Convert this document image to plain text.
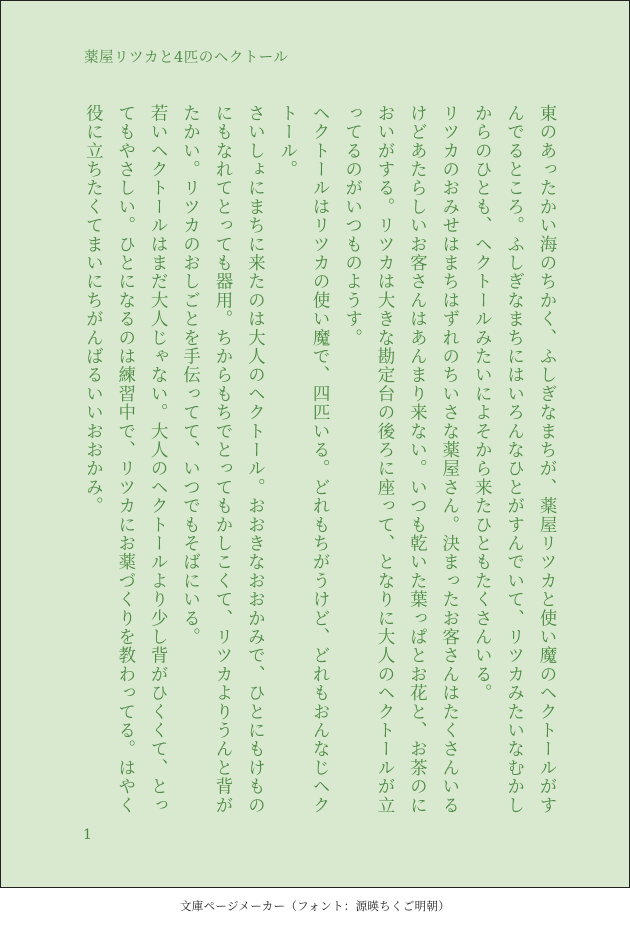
薬屋リツカと4匹のヘクトール

東のあったかい海のちかく、ふしぎなまちが、薬屋リツカと使い魔のヘクトールがすんでるところ。ふしぎなまちにはいろんなひとがすんでいて、リツカみたいなむかしからのひとも、ヘクトールみたいによそから来たひともたくさんいる。

リツカのおみせはまちはずれのちいさな薬屋さん。決まったお客さんはたくさんいるけどあたらしいお客さんはあんまり来ない。いつも乾いた葉っぱとお花と、お茶のにおいがする。リツカは大きな勘定台の後ろに座って、となりに大人のヘクトールが立ってるのがいつものようす。

ヘクトールはリツカの使い魔で、四匹いる。どれもちがうけど、どれもおんなじヘクトール。

さいしょにまちに来たのは大人のヘクトール。おおきなおおかみで、ひとにもけものにもなれてとっても器用。ちからもちでとってもかしこくて、リツカよりうんと背がたかい。リツカのおしごとを手伝ってて、いつでもそばにいる。

若いヘクトールはまだ大人じゃない。大人のヘクトールより少し背がひくくて、とってもやさしい。ひとになるのは練習中で、リツカにお薬づくりを教わってる。はやく役に立ちたくてまいにちがんばるいいおおかみ。

1
文庫ページメーカー（フォント：源暎ちくご明朝）
